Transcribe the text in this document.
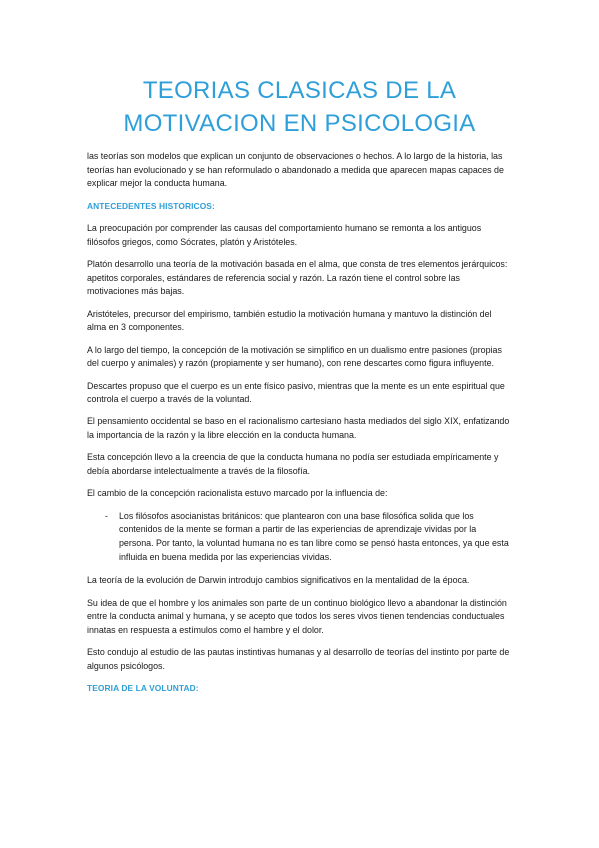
TEORIAS CLASICAS DE LA
MOTIVACION EN PSICOLOGIA

las teorías son modelos que explican un conjunto de observaciones o hechos. A lo largo de la historia, las teorías han evolucionado y se han reformulado o abandonado a medida que aparecen mapas capaces de explicar mejor la conducta humana.

ANTECEDENTES HISTORICOS:

La preocupación por comprender las causas del comportamiento humano se remonta a los antiguos filósofos griegos, como Sócrates, platón y Aristóteles.

Platón desarrollo una teoría de la motivación basada en el alma, que consta de tres elementos jerárquicos: apetitos corporales, estándares de referencia social y razón. La razón tiene el control sobre las motivaciones más bajas.

Aristóteles, precursor del empirismo, también estudio la motivación humana y mantuvo la distinción del alma en 3 componentes.

A lo largo del tiempo, la concepción de la motivación se simplifico en un dualismo entre pasiones (propias del cuerpo y animales) y razón (propiamente y ser humano), con rene descartes como figura influyente.

Descartes propuso que el cuerpo es un ente físico pasivo, mientras que la mente es un ente espiritual que controla el cuerpo a través de la voluntad.

El pensamiento occidental se baso en el racionalismo cartesiano hasta mediados del siglo XIX, enfatizando la importancia de la razón y la libre elección en la conducta humana.

Esta concepción llevo a la creencia de que la conducta humana no podía ser estudiada empíricamente y debía abordarse intelectualmente a través de la filosofía.

El cambio de la concepción racionalista estuvo marcado por la influencia de:

- Los filósofos asocianistas británicos: que plantearon con una base filosófica solida que los contenidos de la mente se forman a partir de las experiencias de aprendizaje vividas por la persona. Por tanto, la voluntad humana no es tan libre como se pensó hasta entonces, ya que esta influida en buena medida por las experiencias vividas.

La teoría de la evolución de Darwin introdujo cambios significativos en la mentalidad de la época.

Su idea de que el hombre y los animales son parte de un continuo biológico llevo a abandonar la distinción entre la conducta animal y humana, y se acepto que todos los seres vivos tienen tendencias conductuales innatas en respuesta a estímulos como el hambre y el dolor.

Esto condujo al estudio de las pautas instintivas humanas y al desarrollo de teorías del instinto por parte de algunos psicólogos.

TEORIA DE LA VOLUNTAD:
